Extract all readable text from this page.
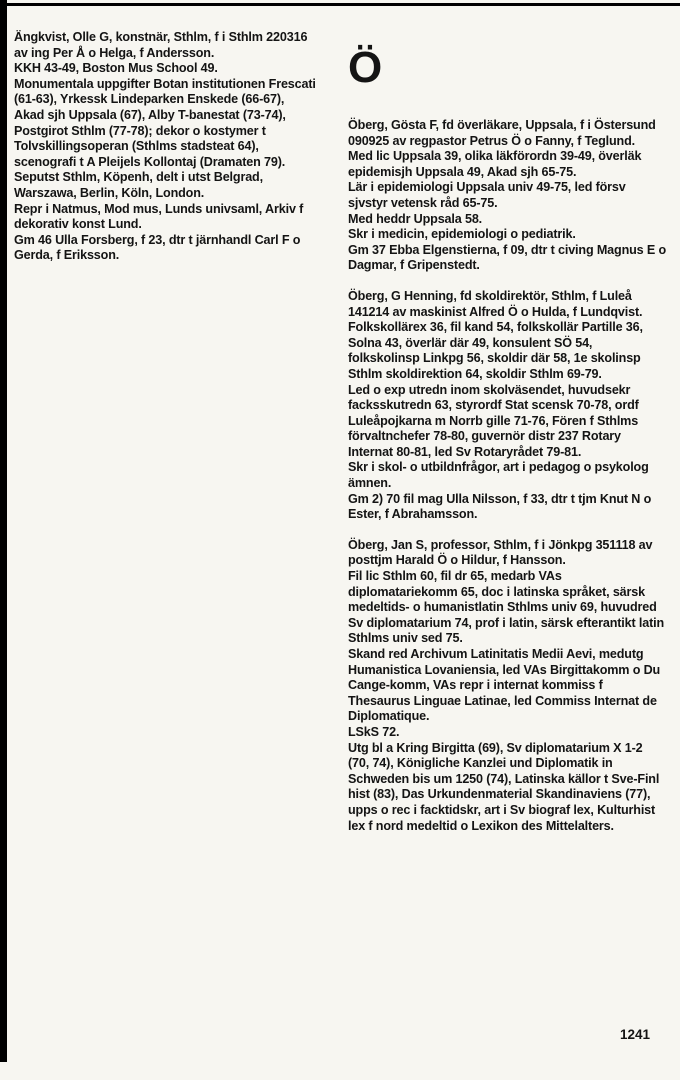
Ängkvist, Olle G, konstnär, Sthlm, f i Sthlm 220316 av ing Per Å o Helga, f Andersson.

KKH 43-49, Boston Mus School 49.

Monumentala uppgifter Botan institutionen Frescati (61-63), Yrkessk Lindeparken Enskede (66-67), Akad sjh Uppsala (67), Alby T-banestat (73-74), Postgirot Sthlm (77-78); dekor o kostymer t Tolvskillingsoperan (Sthlms stadsteat 64), scenografi t A Pleijels Kollontaj (Dramaten 79).

Seputst Sthlm, Köpenh, delt i utst Belgrad, Warszawa, Berlin, Köln, London.

Repr i Natmus, Mod mus, Lunds univsaml, Arkiv f dekorativ konst Lund.

Gm 46 Ulla Forsberg, f 23, dtr t järnhandl Carl F o Gerda, f Eriksson.

Ö

Öberg, Gösta F, fd överläkare, Uppsala, f i Östersund 090925 av regpastor Petrus Ö o Fanny, f Teglund.

Med lic Uppsala 39, olika läkförordn 39-49, överläk epidemisjh Uppsala 49, Akad sjh 65-75.

Lär i epidemiologi Uppsala univ 49-75, led försv sjvstyr vetensk råd 65-75.

Med heddr Uppsala 58.

Skr i medicin, epidemiologi o pediatrik.

Gm 37 Ebba Elgenstierna, f 09, dtr t civing Magnus E o Dagmar, f Gripenstedt.

Öberg, G Henning, fd skoldirektör, Sthlm, f Luleå 141214 av maskinist Alfred Ö o Hulda, f Lundqvist.

Folkskollärex 36, fil kand 54, folkskollär Partille 36, Solna 43, överlär där 49, konsulent SÖ 54, folkskolinsp Linkpg 56, skoldir där 58, 1e skolinsp Sthlm skoldirektion 64, skoldir Sthlm 69-79.

Led o exp utredn inom skolväsendet, huvudsekr facksskutredn 63, styrordf Stat scensk 70-78, ordf Luleåpojkarna m Norrb gille 71-76, Fören f Sthlms förvaltnchefer 78-80, guvernör distr 237 Rotary Internat 80-81, led Sv Rotaryrådet 79-81.

Skr i skol- o utbildnfrågor, art i pedagog o psykolog ämnen.

Gm 2) 70 fil mag Ulla Nilsson, f 33, dtr t tjm Knut N o Ester, f Abrahamsson.

Öberg, Jan S, professor, Sthlm, f i Jönkpg 351118 av posttjm Harald Ö o Hildur, f Hansson.

Fil lic Sthlm 60, fil dr 65, medarb VAs diplomatariekomm 65, doc i latinska språket, särsk medeltids- o humanistlatin Sthlms univ 69, huvudred Sv diplomatarium 74, prof i latin, särsk efterantikt latin Sthlms univ sed 75.

Skand red Archivum Latinitatis Medii Aevi, medutg Humanistica Lovaniensia, led VAs Birgittakomm o Du Cange-komm, VAs repr i internat kommiss f Thesaurus Linguae Latinae, led Commiss Internat de Diplomatique.

LSkS 72.

Utg bl a Kring Birgitta (69), Sv diplomatarium X 1-2 (70, 74), Königliche Kanzlei und Diplomatik in Schweden bis um 1250 (74), Latinska källor t Sve-Finl hist (83), Das Urkundenmaterial Skandinaviens (77), upps o rec i facktidskr, art i Sv biograf lex, Kulturhist lex f nord medeltid o Lexikon des Mittelalters.

1241
